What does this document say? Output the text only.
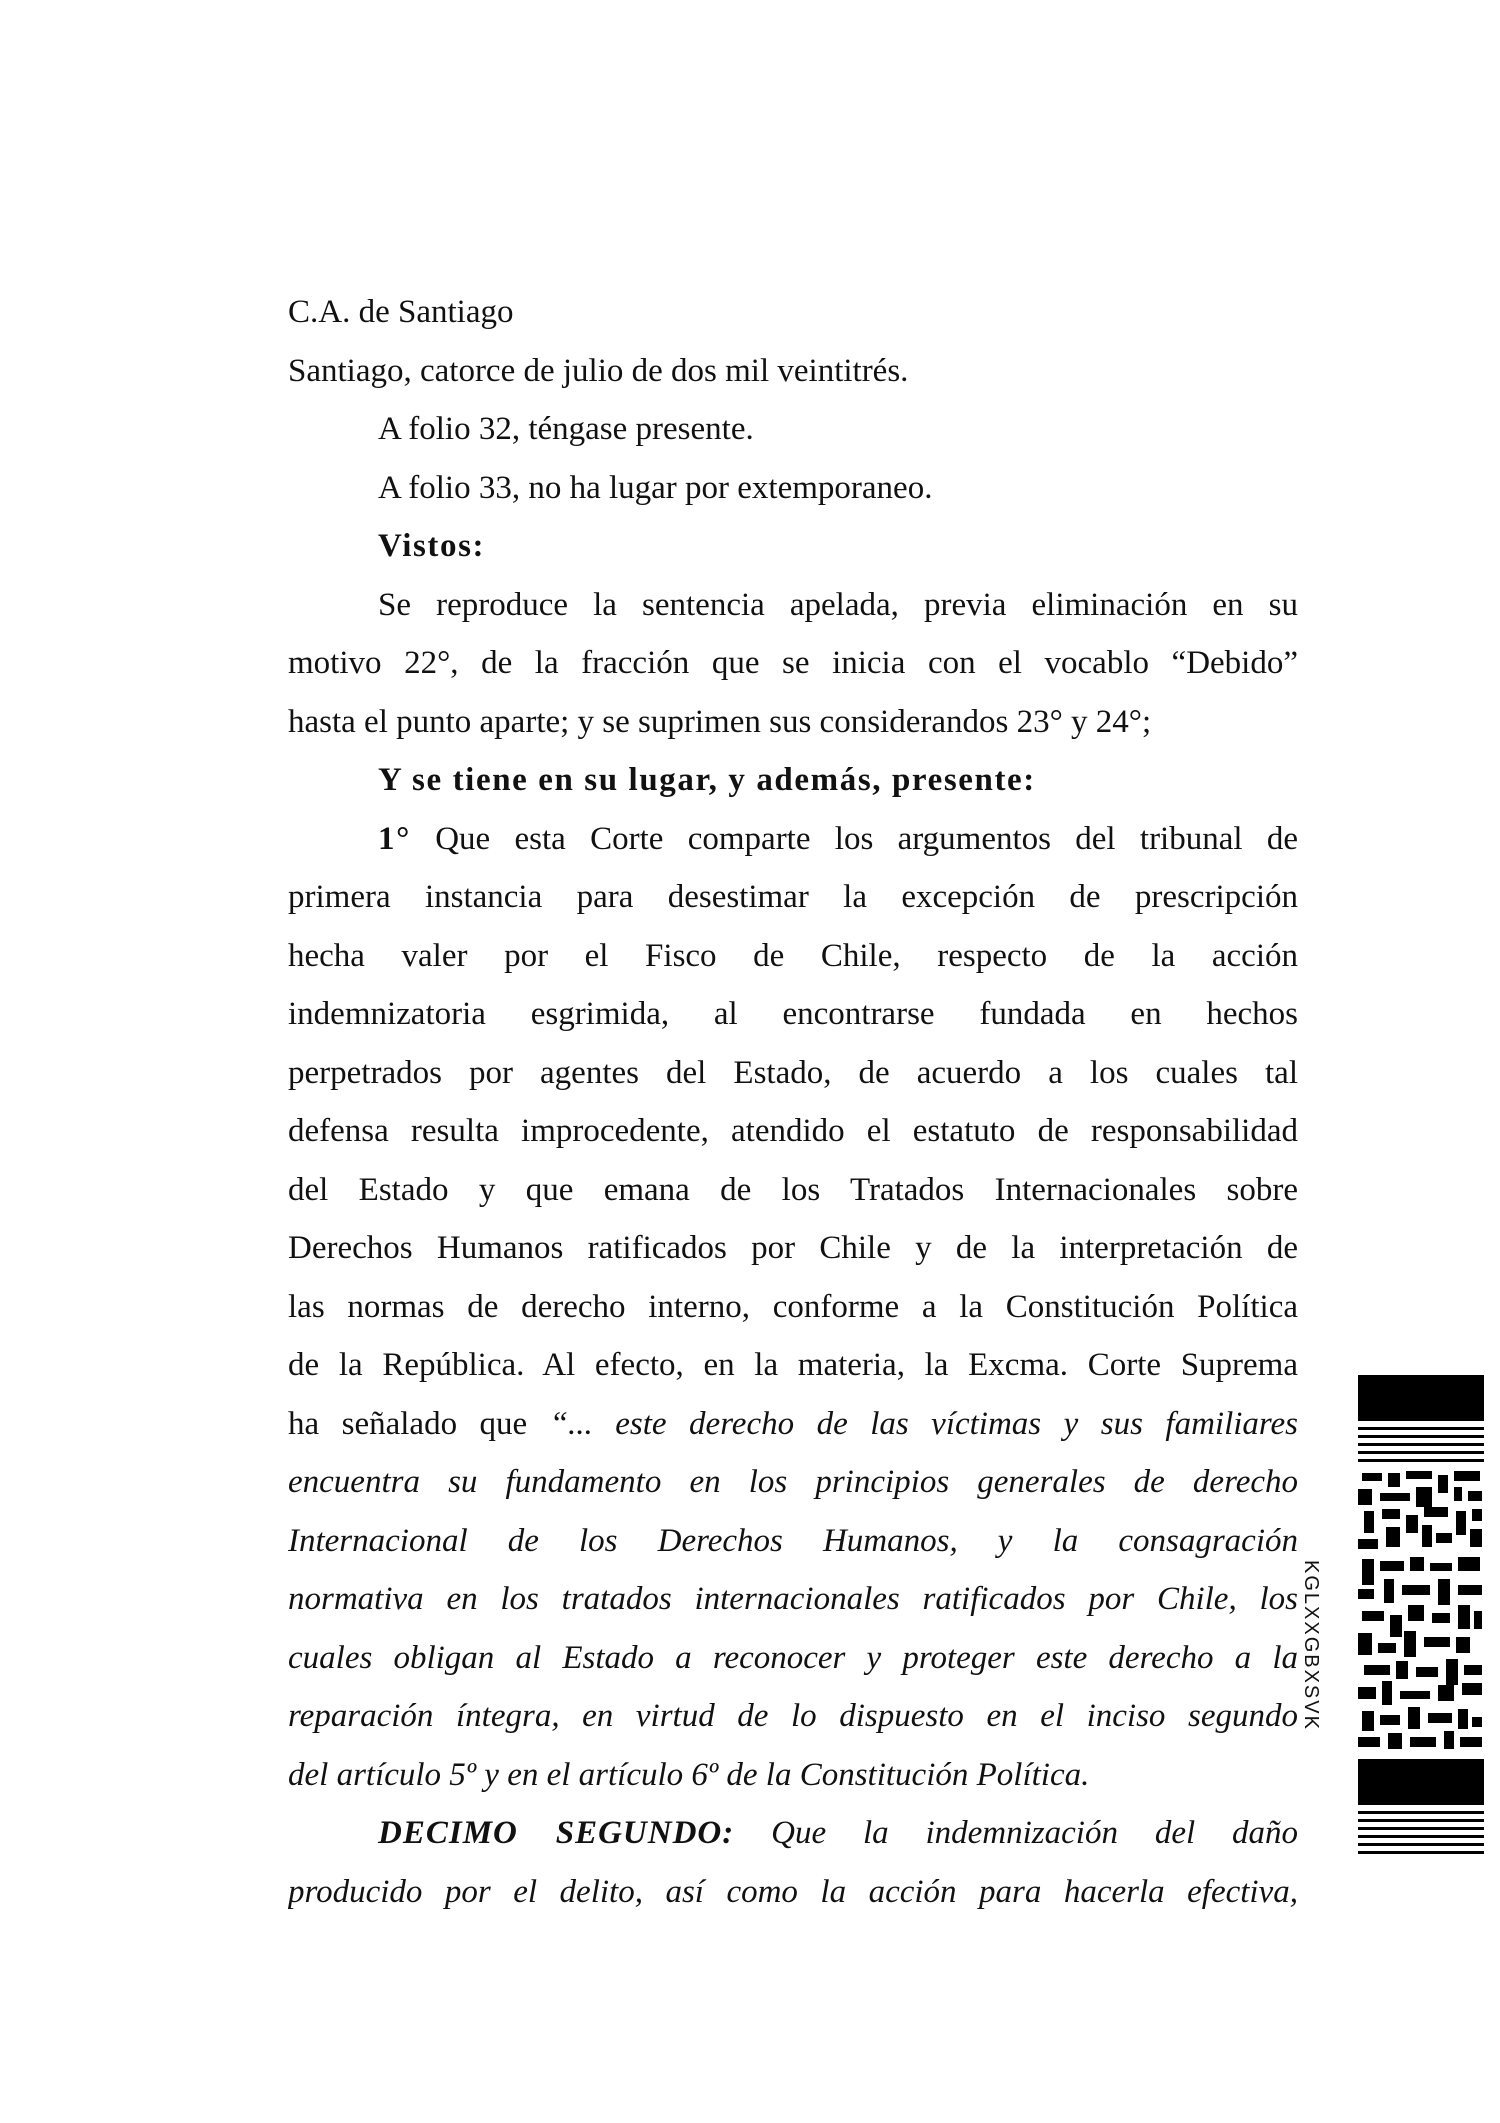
C.A. de Santiago
Santiago, catorce de julio de dos mil veintitrés.
A folio 32, téngase presente.
A folio 33, no ha lugar por extemporaneo.
Vistos:
Se reproduce la sentencia apelada, previa eliminación en su
motivo 22°, de la fracción que se inicia con el vocablo “Debido”
hasta el punto aparte; y se suprimen sus considerandos 23° y 24°;
Y se tiene en su lugar, y además, presente:
1° Que esta Corte comparte los argumentos del tribunal de
primera instancia para desestimar la excepción de prescripción
hecha valer por el Fisco de Chile, respecto de la acción
indemnizatoria esgrimida, al encontrarse fundada en hechos
perpetrados por agentes del Estado, de acuerdo a los cuales tal
defensa resulta improcedente, atendido el estatuto de responsabilidad
del Estado y que emana de los Tratados Internacionales sobre
Derechos Humanos ratificados por Chile y de la interpretación de
las normas de derecho interno, conforme a la Constitución Política
de la República. Al efecto, en la materia, la Excma. Corte Suprema
ha señalado que “... este derecho de las víctimas y sus familiares
encuentra su fundamento en los principios generales de derecho
Internacional de los Derechos Humanos, y la consagración
normativa en los tratados internacionales ratificados por Chile, los
cuales obligan al Estado a reconocer y proteger este derecho a la
reparación íntegra, en virtud de lo dispuesto en el inciso segundo
del artículo 5º y en el artículo 6º de la Constitución Política.
DECIMO SEGUNDO: Que la indemnización del daño
producido por el delito, así como la acción para hacerla efectiva,
KGLXXGBXSVK
